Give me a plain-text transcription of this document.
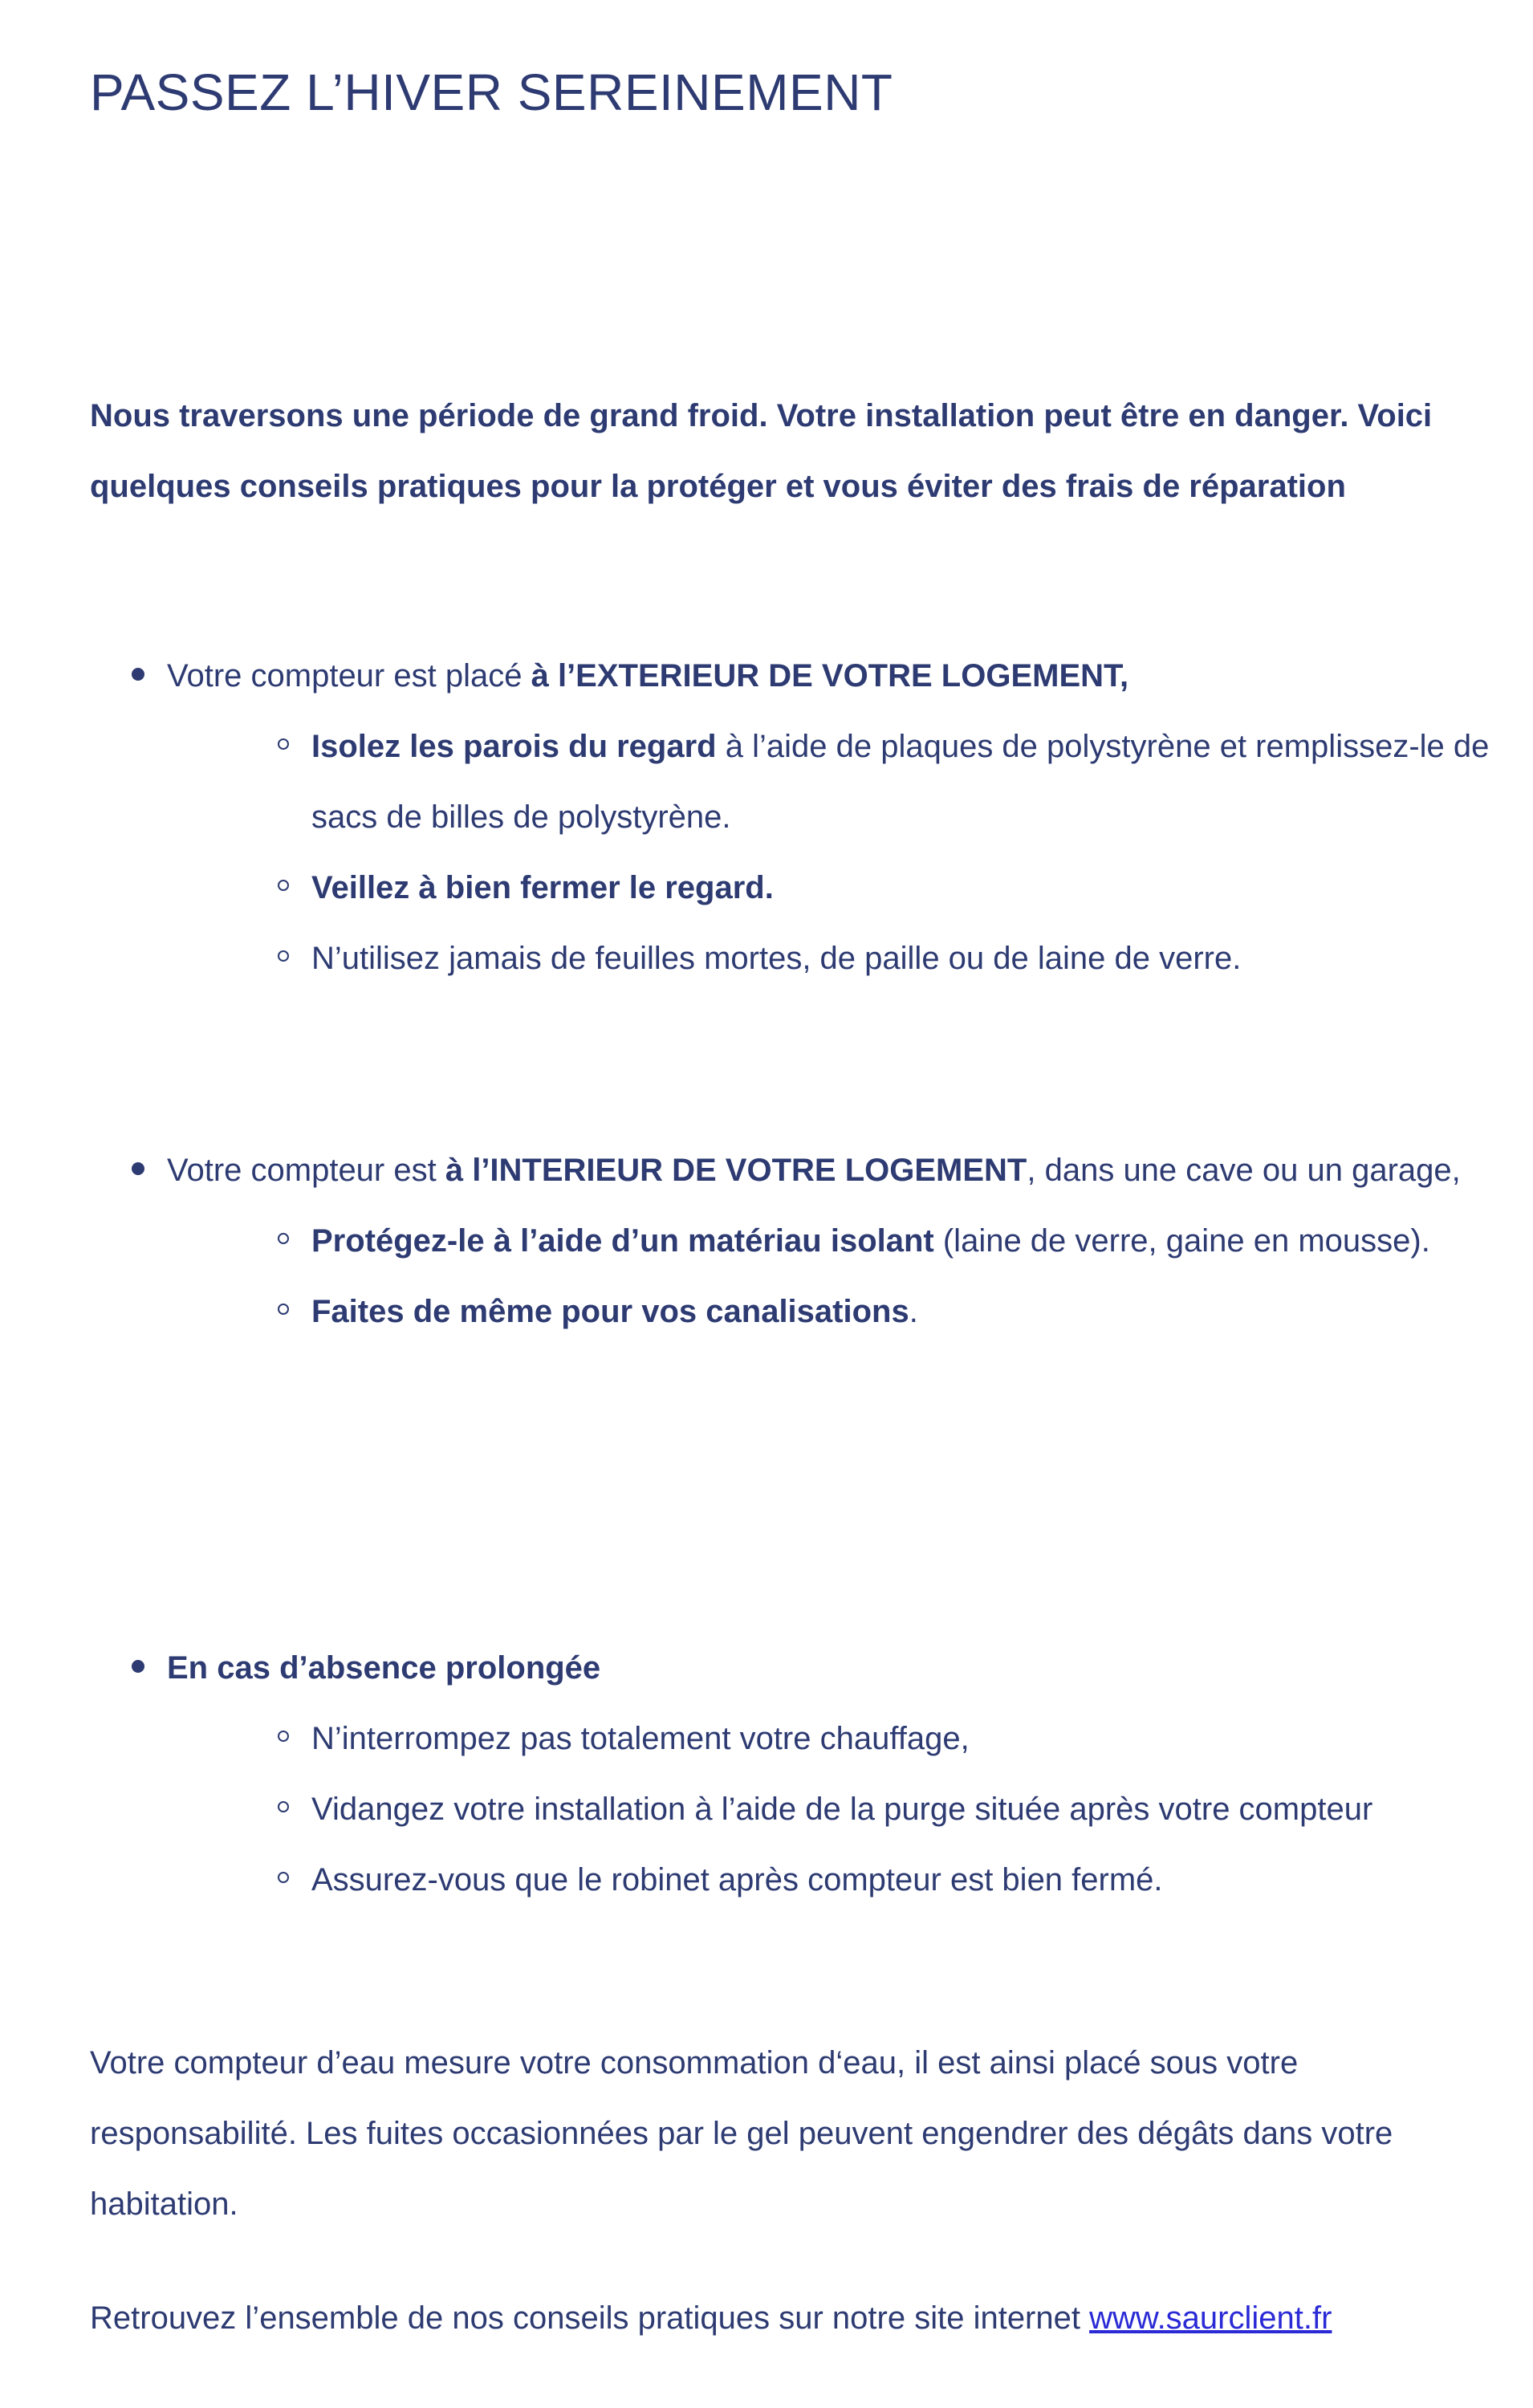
PASSEZ L’HIVER SEREINEMENT

Nous traversons une période de grand froid. Votre installation peut être en danger. Voici quelques conseils pratiques pour la protéger et vous éviter des frais de réparation

Votre compteur est placé à l’EXTERIEUR DE VOTRE LOGEMENT,
Isolez les parois du regard à l’aide de plaques de polystyrène et remplissez-le de sacs de billes de polystyrène.
Veillez à bien fermer le regard.
N’utilisez jamais de feuilles mortes, de paille ou de laine de verre.
Votre compteur est à l’INTERIEUR DE VOTRE LOGEMENT, dans une cave ou un garage,
Protégez-le à l’aide d’un matériau isolant (laine de verre, gaine en mousse).
Faites de même pour vos canalisations.
En cas d’absence prolongée
N’interrompez pas totalement votre chauffage,
Vidangez votre installation à l’aide de la purge située après votre compteur
Assurez-vous que le robinet après compteur est bien fermé.

Votre compteur d’eau mesure votre consommation d‘eau, il est ainsi placé sous votre responsabilité. Les fuites occasionnées par le gel peuvent engendrer des dégâts dans votre habitation.

Retrouvez l’ensemble de nos conseils pratiques sur notre site internet www.saurclient.fr
